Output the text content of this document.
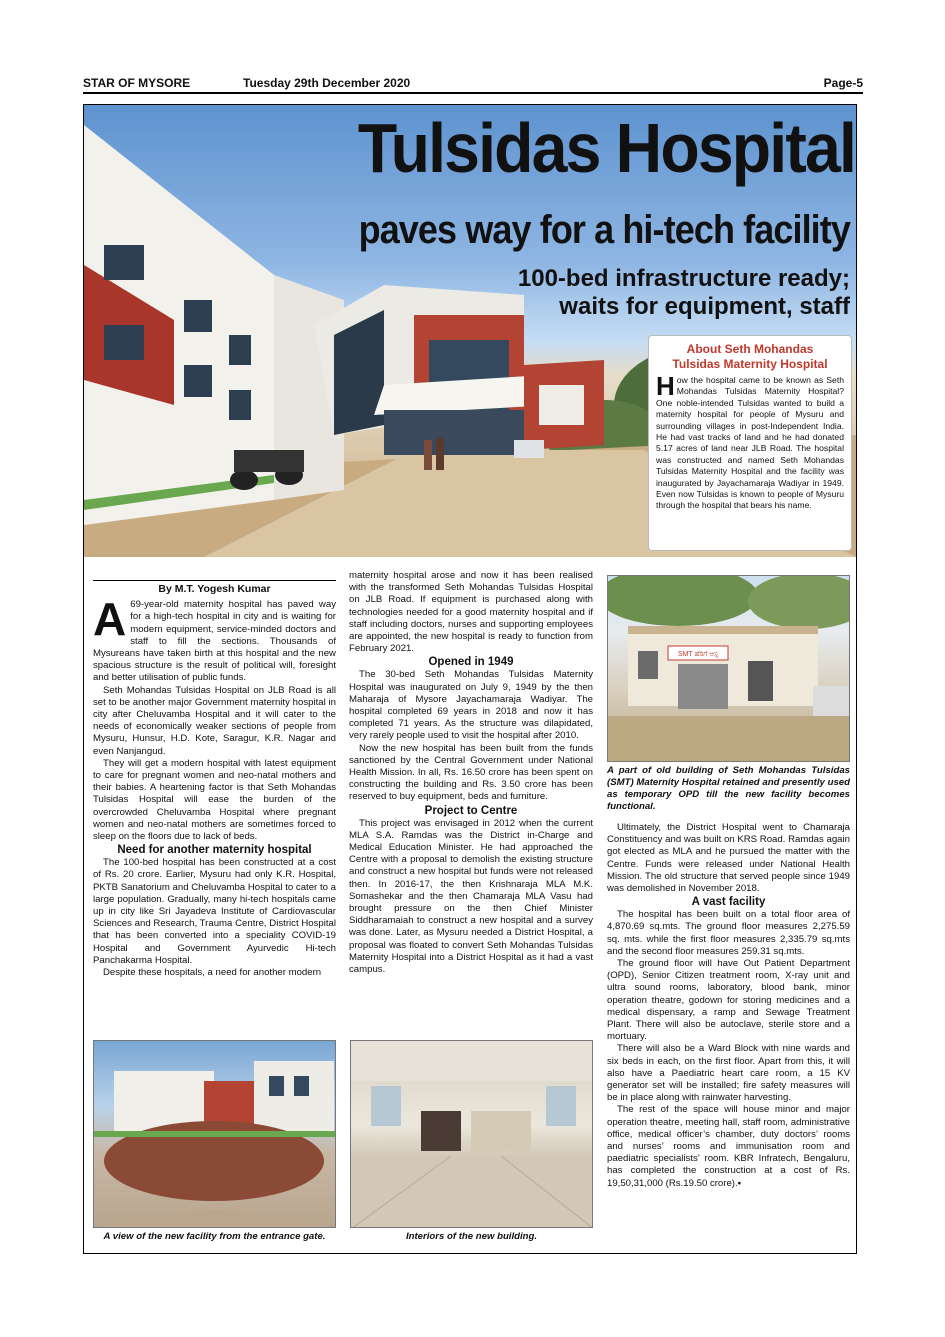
STAR OF MYSORE	Tuesday 29th December 2020	Page-5
Tulsidas Hospital
paves way for a hi-tech facility
100-bed infrastructure ready;
waits for equipment, staff
About Seth Mohandas
Tulsidas Maternity Hospital

How the hospital came to be known as Seth Mohandas Tulsidas Maternity Hospital? One noble-intended Tulsidas wanted to build a maternity hospital for people of Mysuru and surrounding villages in post-Independent India. He had vast tracks of land and he had donated 5.17 acres of land near JLB Road. The hospital was constructed and named Seth Mohandas Tulsidas Maternity Hospital and the facility was inaugurated by Jayachamaraja Wadiyar in 1949. Even now Tulsidas is known to people of Mysuru through the hospital that bears his name.

By M.T. Yogesh Kumar

A 69-year-old maternity hospital has paved way for a high-tech hospital in city and is waiting for modern equipment, service-minded doctors and staff to fill the sections. Thousands of Mysureans have taken birth at this hospital and the new spacious structure is the result of political will, foresight and better utilisation of public funds.

Seth Mohandas Tulsidas Hospital on JLB Road is all set to be another major Government maternity hospital in city after Cheluvamba Hospital and it will cater to the needs of economically weaker sections of people from Mysuru, Hunsur, H.D. Kote, Saragur, K.R. Nagar and even Nanjangud.

They will get a modern hospital with latest equipment to care for pregnant women and neo-natal mothers and their babies. A heartening factor is that Seth Mohandas Tulsidas Hospital will ease the burden of the overcrowded Cheluvamba Hospital where pregnant women and neo-natal mothers are sometimes forced to sleep on the floors due to lack of beds.

Need for another maternity hospital

The 100-bed hospital has been constructed at a cost of Rs. 20 crore. Earlier, Mysuru had only K.R. Hospital, PKTB Sanatorium and Cheluvamba Hospital to cater to a large population. Gradually, many hi-tech hospitals came up in city like Sri Jayadeva Institute of Cardiovascular Sciences and Research, Trauma Centre, District Hospital that has been converted into a speciality COVID-19 Hospital and Government Ayurvedic Hi-tech Panchakarma Hospital.

Despite these hospitals, a need for another modern

maternity hospital arose and now it has been realised with the transformed Seth Mohandas Tulsidas Hospital on JLB Road. If equipment is purchased along with technologies needed for a good maternity hospital and if staff including doctors, nurses and supporting employees are appointed, the new hospital is ready to function from February 2021.

Opened in 1949

The 30-bed Seth Mohandas Tulsidas Maternity Hospital was inaugurated on July 9, 1949 by the then Maharaja of Mysore Jayachamaraja Wadiyar. The hospital completed 69 years in 2018 and now it has completed 71 years. As the structure was dilapidated, very rarely people used to visit the hospital after 2010.

Now the new hospital has been built from the funds sanctioned by the Central Government under National Health Mission. In all, Rs. 16.50 crore has been spent on constructing the building and Rs. 3.50 crore has been reserved to buy equipment, beds and furniture.

Project to Centre

This project was envisaged in 2012 when the current MLA S.A. Ramdas was the District in-Charge and Medical Education Minister. He had approached the Centre with a proposal to demolish the existing structure and construct a new hospital but funds were not released then. In 2016-17, the then Krishnaraja MLA M.K. Somashekar and the then Chamaraja MLA Vasu had brought pressure on the then Chief Minister Siddharamaiah to construct a new hospital and a survey was done. Later, as Mysuru needed a District Hospital, a proposal was floated to convert Seth Mohandas Tulsidas Maternity Hospital into a District Hospital as it had a vast campus.

SMT ಹೆರಿಗೆ ಆಸ್ಪ
A part of old building of Seth Mohandas Tulsidas (SMT) Maternity Hospital retained and presently used as temporary OPD till the new facility becomes functional.

Ultimately, the District Hospital went to Chamaraja Constituency and was built on KRS Road. Ramdas again got elected as MLA and he pursued the matter with the Centre. Funds were released under National Health Mission. The old structure that served people since 1949 was demolished in November 2018.

A vast facility

The hospital has been built on a total floor area of 4,870.69 sq.mts. The ground floor measures 2,275.59 sq. mts. while the first floor measures 2,335.79 sq.mts and the second floor measures 259.31 sq.mts.

The ground floor will have Out Patient Department (OPD), Senior Citizen treatment room, X-ray unit and ultra sound rooms, laboratory, blood bank, minor operation theatre, godown for storing medicines and a medical dispensary, a ramp and Sewage Treatment Plant. There will also be autoclave, sterile store and a mortuary.

There will also be a Ward Block with nine wards and six beds in each, on the first floor. Apart from this, it will also have a Paediatric heart care room, a 15 KV generator set will be installed; fire safety measures will be in place along with rainwater harvesting.

The rest of the space will house minor and major operation theatre, meeting hall, staff room, administrative office, medical officer’s chamber, duty doctors’ rooms and nurses’ rooms and immunisation room and paediatric specialists’ room. KBR Infratech, Bengaluru, has completed the construction at a cost of Rs. 19,50,31,000 (Rs.19.50 crore).▪

A view of the new facility from the entrance gate.	Interiors of the new building.
